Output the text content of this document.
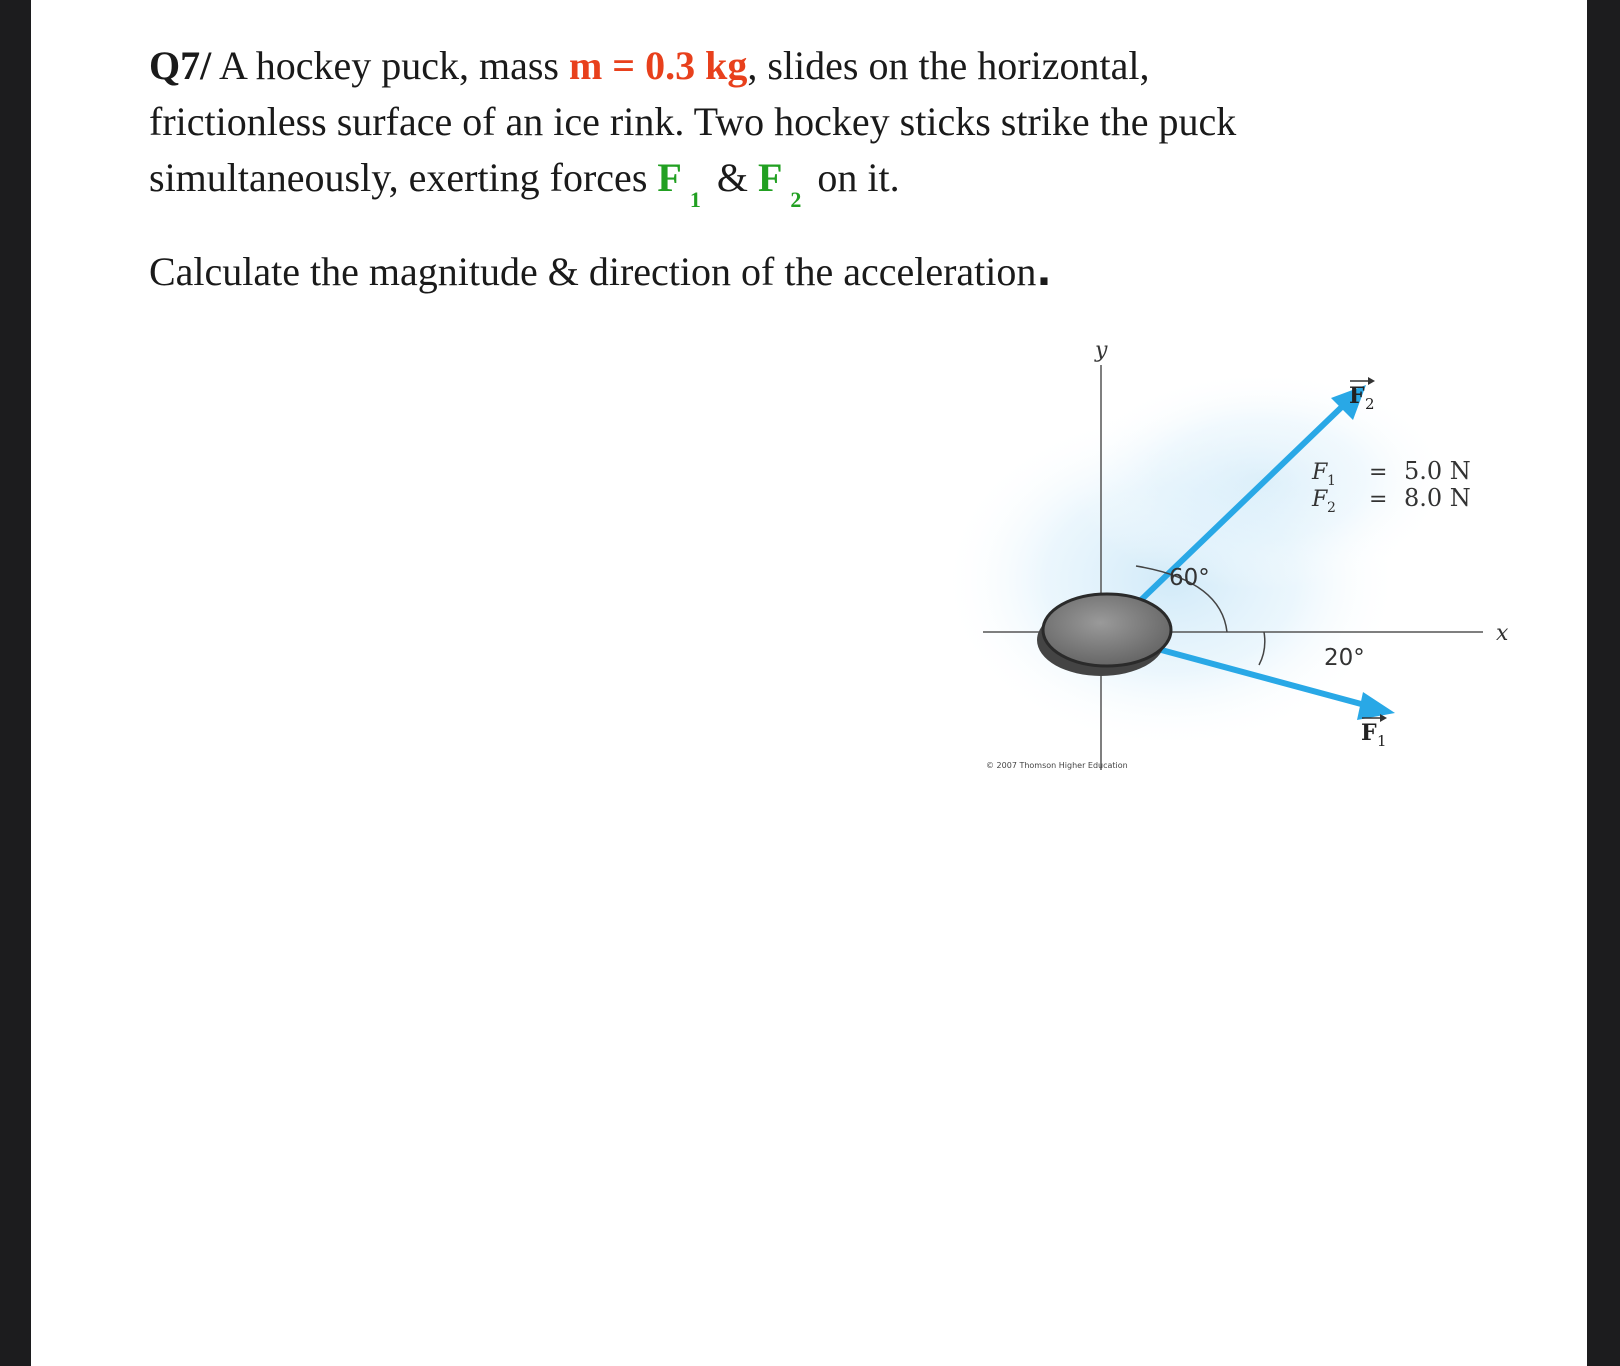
Q7/ A hockey puck, mass m = 0.3 kg, slides on the horizontal,

frictionless surface of an ice rink. Two hockey sticks strike the puck

simultaneously, exerting forces F $_1$ & F $_2$ on it.

Calculate the magnitude & direction of the acceleration.
y
x
F 2
F 1
F 1 = 5.0 N
F 2 = 8.0 N
60°
20°
© 2007 Thomson Higher Education
